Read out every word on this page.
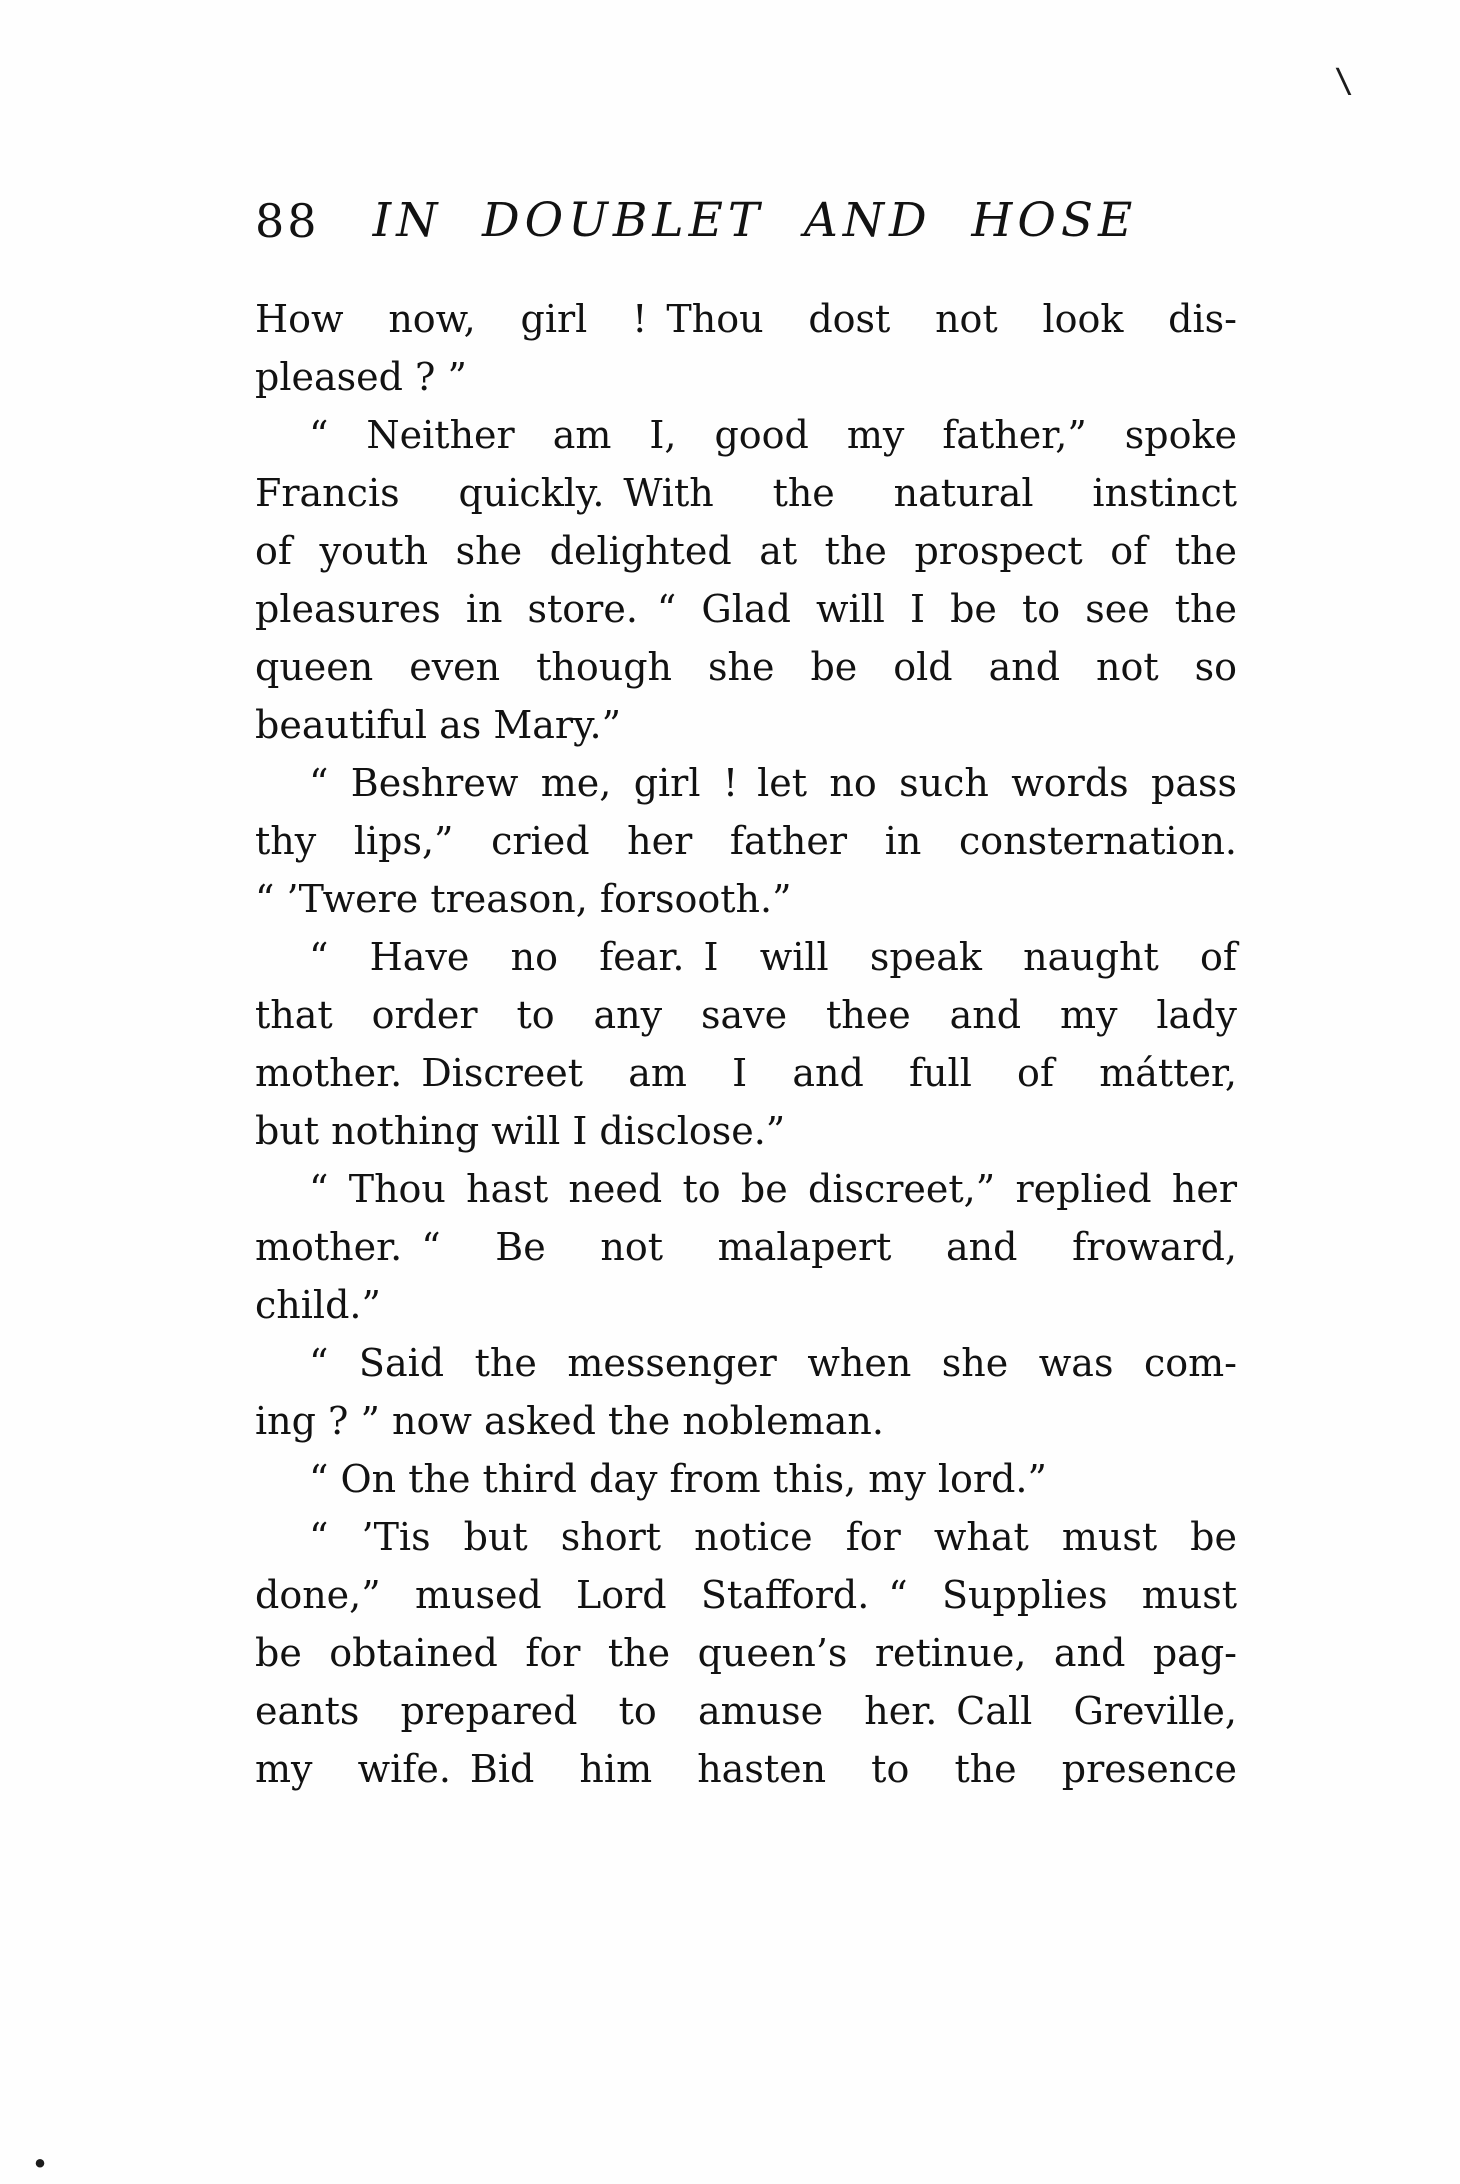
88	IN DOUBLET AND HOSE
How now, girl ! Thou dost not look dis-
pleased ? ”
“ Neither am I, good my father,” spoke
Francis quickly. With the natural instinct
of youth she delighted at the prospect of the
pleasures in store. “ Glad will I be to see the
queen even though she be old and not so
beautiful as Mary.”
“ Beshrew me, girl ! let no such words pass
thy lips,” cried her father in consternation.
“ ’Twere treason, forsooth.”
“ Have no fear. I will speak naught of
that order to any save thee and my lady
mother. Discreet am I and full of mátter,
but nothing will I disclose.”
“ Thou hast need to be discreet,” replied her
mother. “ Be not malapert and froward,
child.”
“ Said the messenger when she was com-
ing ? ” now asked the nobleman.
“ On the third day from this, my lord.”
“ ’Tis but short notice for what must be
done,” mused Lord Stafford. “ Supplies must
be obtained for the queen’s retinue, and pag-
eants prepared to amuse her. Call Greville,
my wife. Bid him hasten to the presence
\
.
